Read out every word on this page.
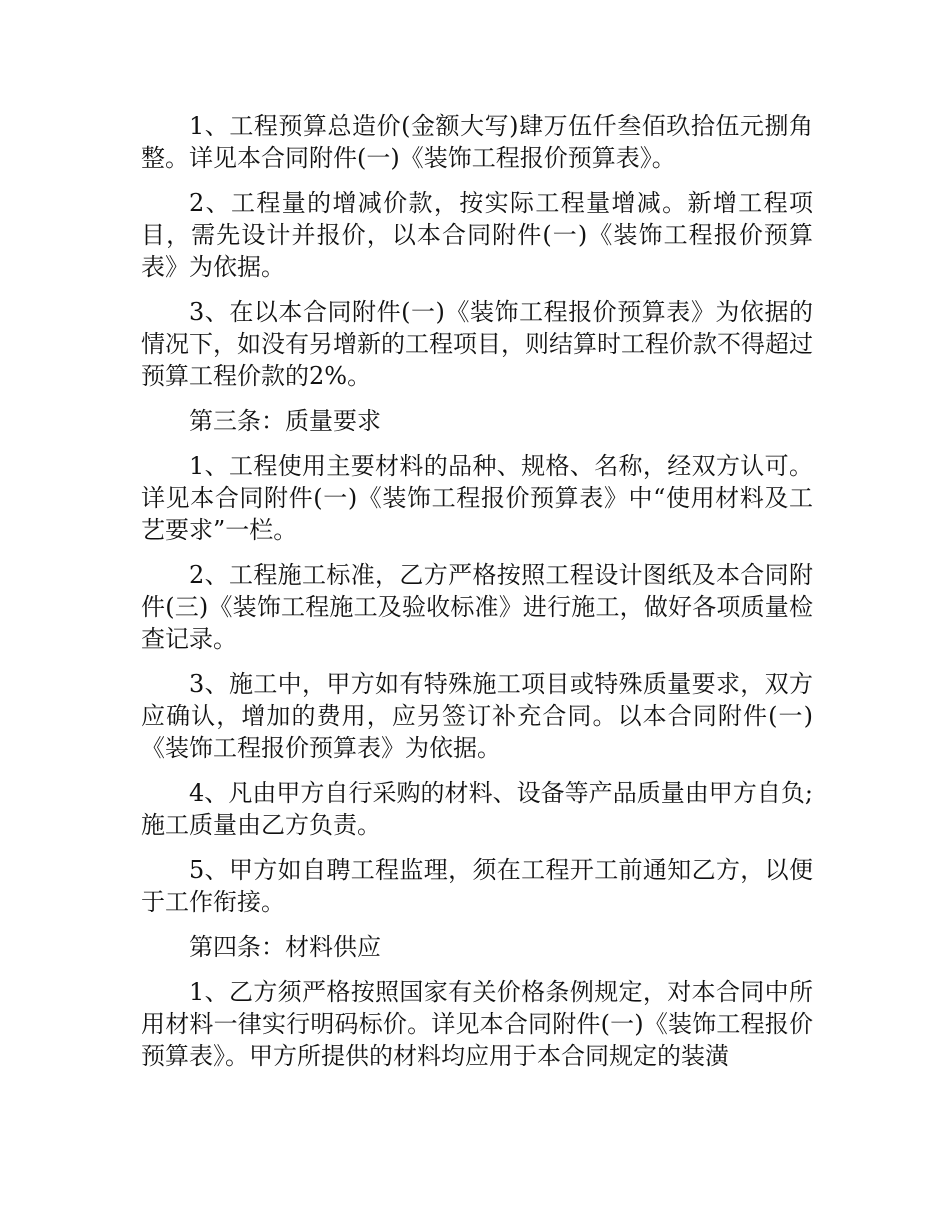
1、工程预算总造价(金额大写)肆万伍仟叁佰玖拾伍元捌角整。详见本合同附件(一)《装饰工程报价预算表》。

2、工程量的增减价款，按实际工程量增减。新增工程项目，需先设计并报价，以本合同附件(一)《装饰工程报价预算表》为依据。

3、在以本合同附件(一)《装饰工程报价预算表》为依据的情况下，如没有另增新的工程项目，则结算时工程价款不得超过预算工程价款的2%。

第三条：质量要求

1、工程使用主要材料的品种、规格、名称，经双方认可。详见本合同附件(一)《装饰工程报价预算表》中“使用材料及工艺要求”一栏。

2、工程施工标准，乙方严格按照工程设计图纸及本合同附件(三)《装饰工程施工及验收标准》进行施工，做好各项质量检查记录。

3、施工中，甲方如有特殊施工项目或特殊质量要求，双方应确认，增加的费用，应另签订补充合同。以本合同附件(一)《装饰工程报价预算表》为依据。

4、凡由甲方自行采购的材料、设备等产品质量由甲方自负;施工质量由乙方负责。

5、甲方如自聘工程监理，须在工程开工前通知乙方，以便于工作衔接。

第四条：材料供应

1、乙方须严格按照国家有关价格条例规定，对本合同中所用材料一律实行明码标价。详见本合同附件(一)《装饰工程报价预算表》。甲方所提供的材料均应用于本合同规定的装潢
